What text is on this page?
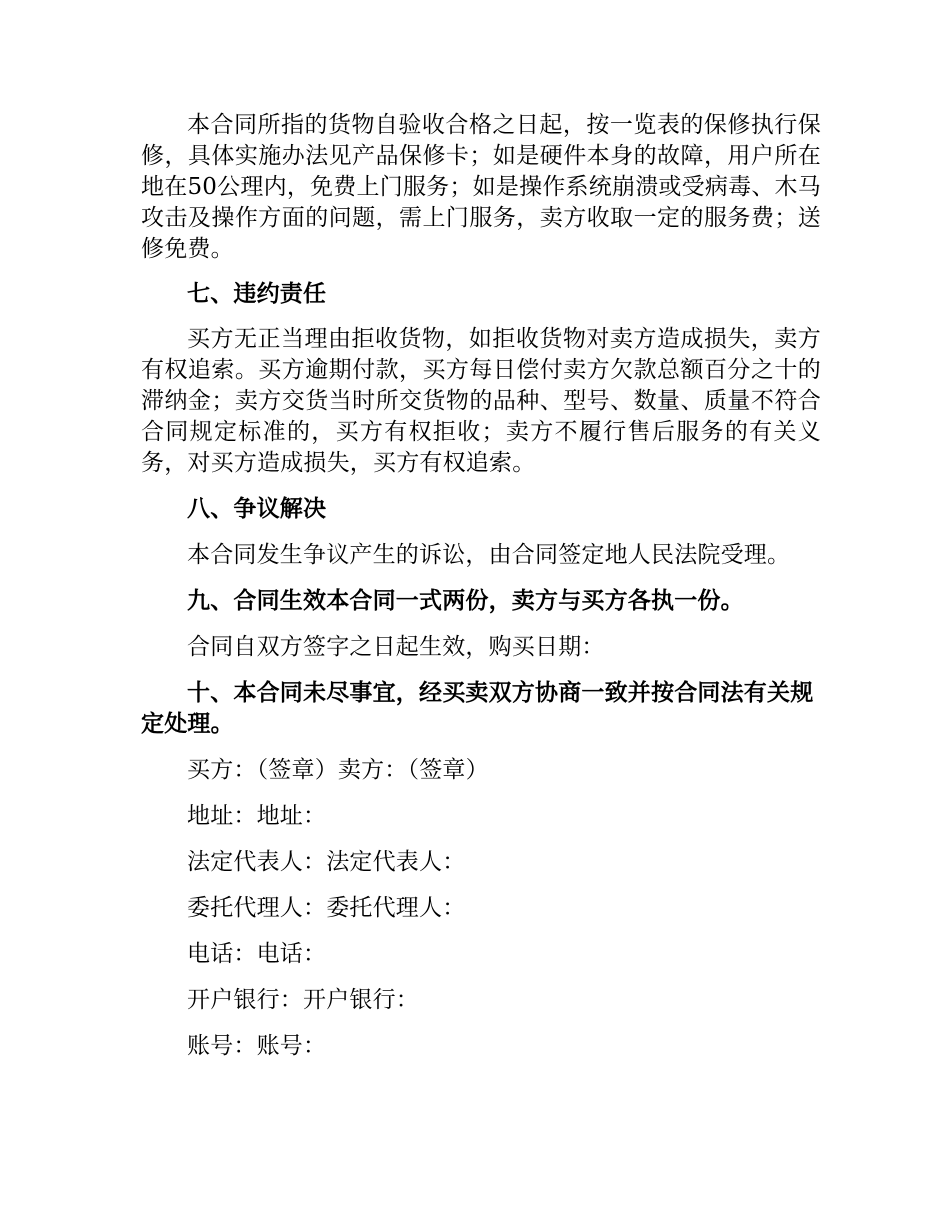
本合同所指的货物自验收合格之日起，按一览表的保修执行保修，具体实施办法见产品保修卡；如是硬件本身的故障，用户所在地在50公理内，免费上门服务；如是操作系统崩溃或受病毒、木马攻击及操作方面的问题，需上门服务，卖方收取一定的服务费；送修免费。

七、违约责任

买方无正当理由拒收货物，如拒收货物对卖方造成损失，卖方有权追索。买方逾期付款，买方每日偿付卖方欠款总额百分之十的滞纳金；卖方交货当时所交货物的品种、型号、数量、质量不符合合同规定标准的，买方有权拒收；卖方不履行售后服务的有关义务，对买方造成损失，买方有权追索。

八、争议解决

本合同发生争议产生的诉讼，由合同签定地人民法院受理。

九、合同生效本合同一式两份，卖方与买方各执一份。

合同自双方签字之日起生效，购买日期：

十、本合同未尽事宜，经买卖双方协商一致并按合同法有关规定处理。

买方：（签章）卖方：（签章）

地址：地址：

法定代表人：法定代表人：

委托代理人：委托代理人：

电话：电话：

开户银行：开户银行：

账号：账号：
